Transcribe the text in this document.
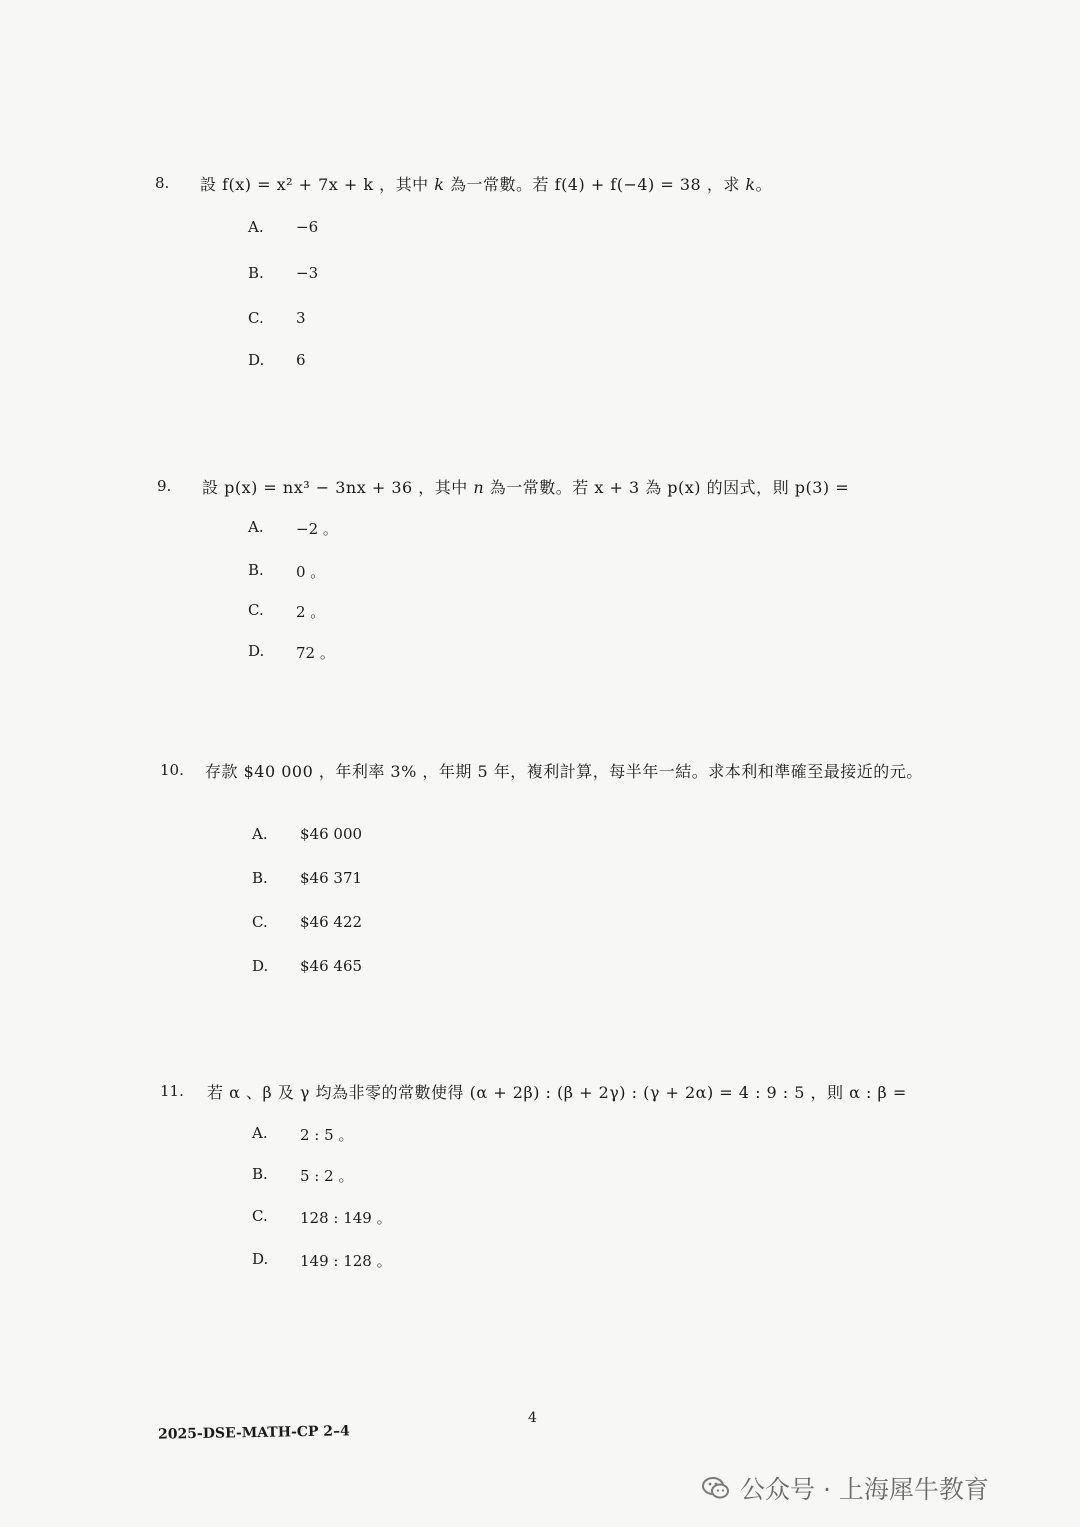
8. 設 f(x) = x² + 7x + k ，其中 k 為一常數。若 f(4) + f(−4) = 38 ，求 k。
A. −6
B. −3
C. 3
D. 6
9. 設 p(x) = nx³ − 3nx + 36 ，其中 n 為一常數。若 x + 3 為 p(x) 的因式，則 p(3) =
A. −2 。
B. 0 。
C. 2 。
D. 72 。
10. 存款 $40 000 ，年利率 3% ，年期 5 年，複利計算，每半年一結。求本利和準確至最接近的元。
A. $46 000
B. $46 371
C. $46 422
D. $46 465
11. 若 α 、β 及 γ 均為非零的常數使得 (α + 2β) : (β + 2γ) : (γ + 2α) = 4 : 9 : 5 ，則 α : β =
A. 2 : 5 。
B. 5 : 2 。
C. 128 : 149 。
D. 149 : 128 。
4
2025-DSE-MATH-CP 2–4
公众号 · 上海犀牛教育
